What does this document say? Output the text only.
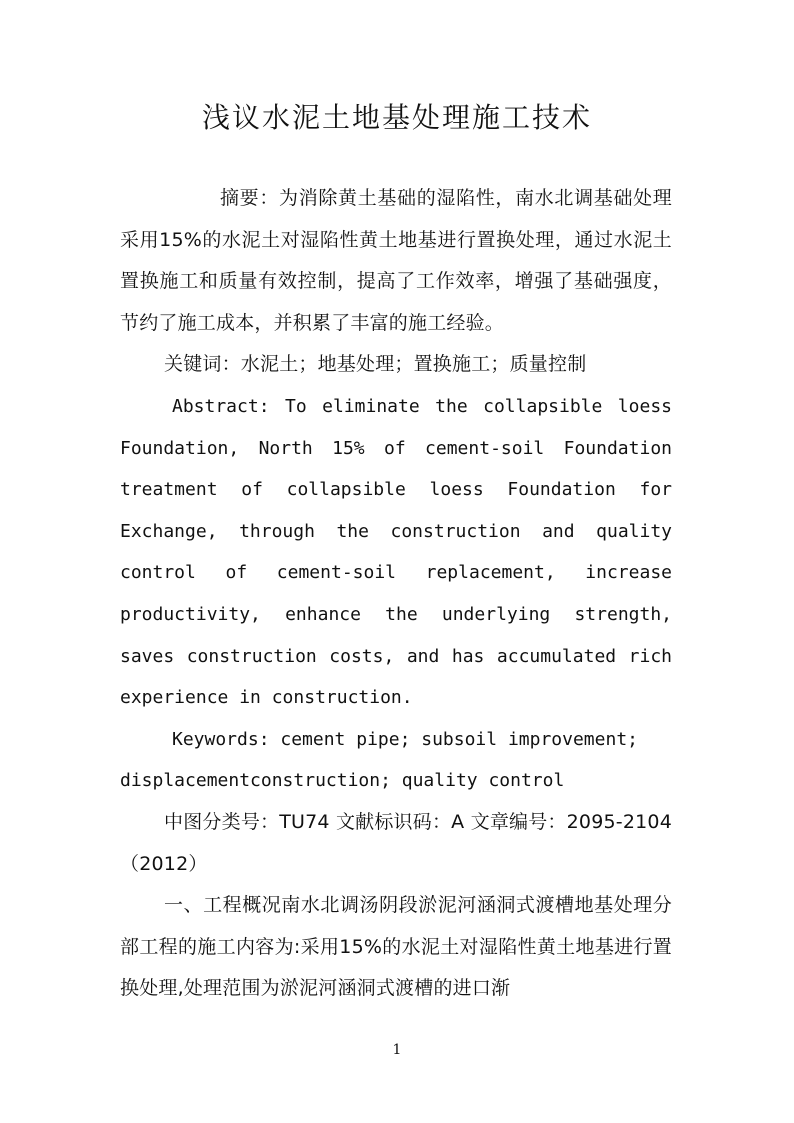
浅议水泥土地基处理施工技术

摘要：为消除黄土基础的湿陷性，南水北调基础处理采用15%的水泥土对湿陷性黄土地基进行置换处理，通过水泥土置换施工和质量有效控制，提高了工作效率，增强了基础强度，节约了施工成本，并积累了丰富的施工经验。

关键词：水泥土；地基处理；置换施工；质量控制

Abstract: To eliminate the collapsible loess Foundation, North 15% of cement-soil Foundation treatment of collapsible loess Foundation for Exchange, through the construction and quality control of cement-soil replacement, increase productivity, enhance the underlying strength, saves construction costs, and has accumulated rich experience in construction.

Keywords: cement pipe; subsoil improvement;
displacementconstruction; quality control

中图分类号：TU74 文献标识码：A 文章编号：2095-2104（2012）

一、工程概况南水北调汤阴段淤泥河涵洞式渡槽地基处理分部工程的施工内容为:采用15%的水泥土对湿陷性黄土地基进行置换处理,处理范围为淤泥河涵洞式渡槽的进口渐

1
